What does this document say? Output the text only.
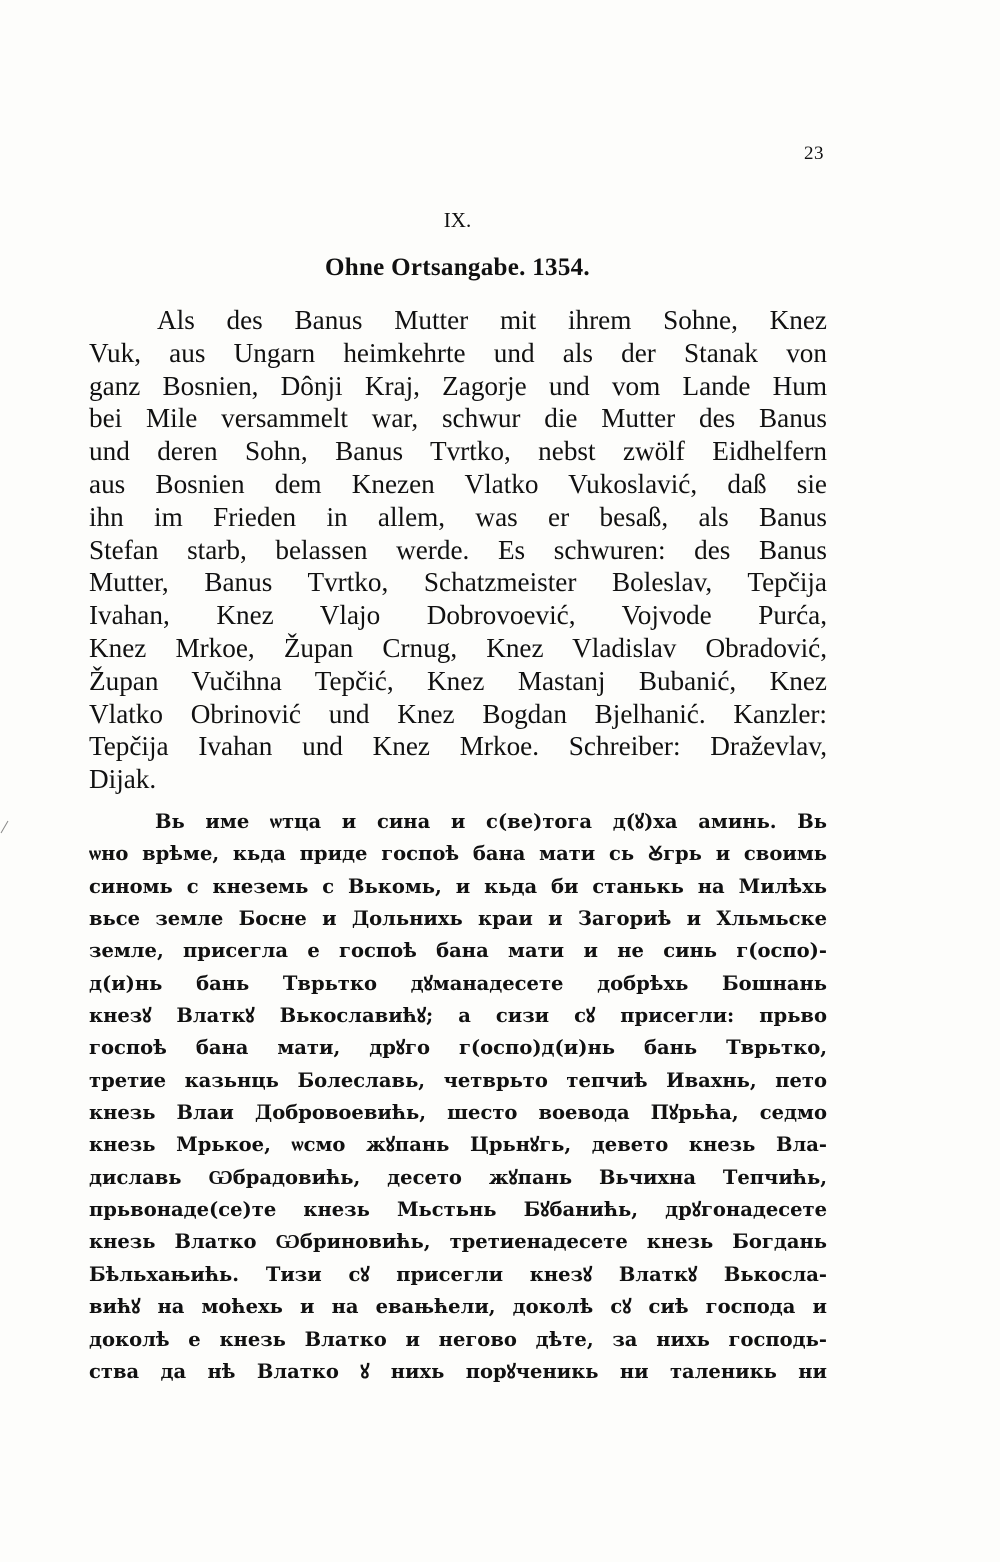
23
IX.
Ohne Ortsangabe. 1354.
Als des Banus Mutter mit ihrem Sohne, Knez
Vuk, aus Ungarn heimkehrte und als der Stanak von
ganz Bosnien, Dônji Kraj, Zagorje und vom Lande Hum
bei Mile versammelt war, schwur die Mutter des Banus
und deren Sohn, Banus Tvrtko, nebst zwölf Eidhelfern
aus Bosnien dem Knezen Vlatko Vukoslavić, daß sie
ihn im Frieden in allem, was er besaß, als Banus
Stefan starb, belassen werde. Es schwuren: des Banus
Mutter, Banus Tvrtko, Schatzmeister Boleslav, Tepčija
Ivahan, Knez Vlajo Dobrovoević, Vojvode Purća,
Knez Mrkoe, Župan Crnug, Knez Vladislav Obradović,
Župan Vučihna Tepčić, Knez Mastanj Bubanić, Knez
Vlatko Obrinović und Knez Bogdan Bjelhanić. Kanzler:
Tepčija Ivahan und Knez Mrkoe. Schreiber: Draževlav,
Dijak.
Вь име ѡтца и сина и с(ве)тога д(ꙋ)ха аминь. Вь
ѡно врѣме, кьда приде госпоѣ бана мати сь Ꙋгрь и своимь
синомь с кнеземь с Вькомь, и кьда би станькь на Милѣхь
вьсе земле Босне и Дольнихь краи и Загориѣ и Хльмьске
земле, присегла е госпоѣ бана мати и не синь г(оспо)-
д(и)нь бань Тврьтко дꙋманадесете добрѣхь Бошнань
кнезꙋ Влаткꙋ Вькославићꙋ; а сизи сꙋ присегли: прьво
госпоѣ бана мати, дрꙋго г(оспо)д(и)нь бань Тврьтко,
третие казьнць Болеславь, четврьто тепчиѣ Ивахнь, пето
кнезь Влаи Добровоевићь, шесто воевода Пꙋрьћа, седмо
кнезь Мрькое, ѡсмо жꙋпань Црьнꙋгь, девето кнезь Вла-
диславь Ѡбрадовићь, десето жꙋпань Вьчихна Тепчићь,
прьвонаде(се)те кнезь Мьстьнь Бꙋбанићь, дрꙋгонадесете
кнезь Влатко Ѡбриновићь, третиенадесете кнезь Богдань
Бѣльхањићь. Тизи сꙋ присегли кнезꙋ Влаткꙋ Вькосла-
вићꙋ на моћехь и на евањћели, доколѣ сꙋ сиѣ господа и
доколѣ е кнезь Влатко и негово дѣте, за нихь господь-
ства да нѣ Влатко ꙋ нихь порꙋченикь ни таленикь ни
